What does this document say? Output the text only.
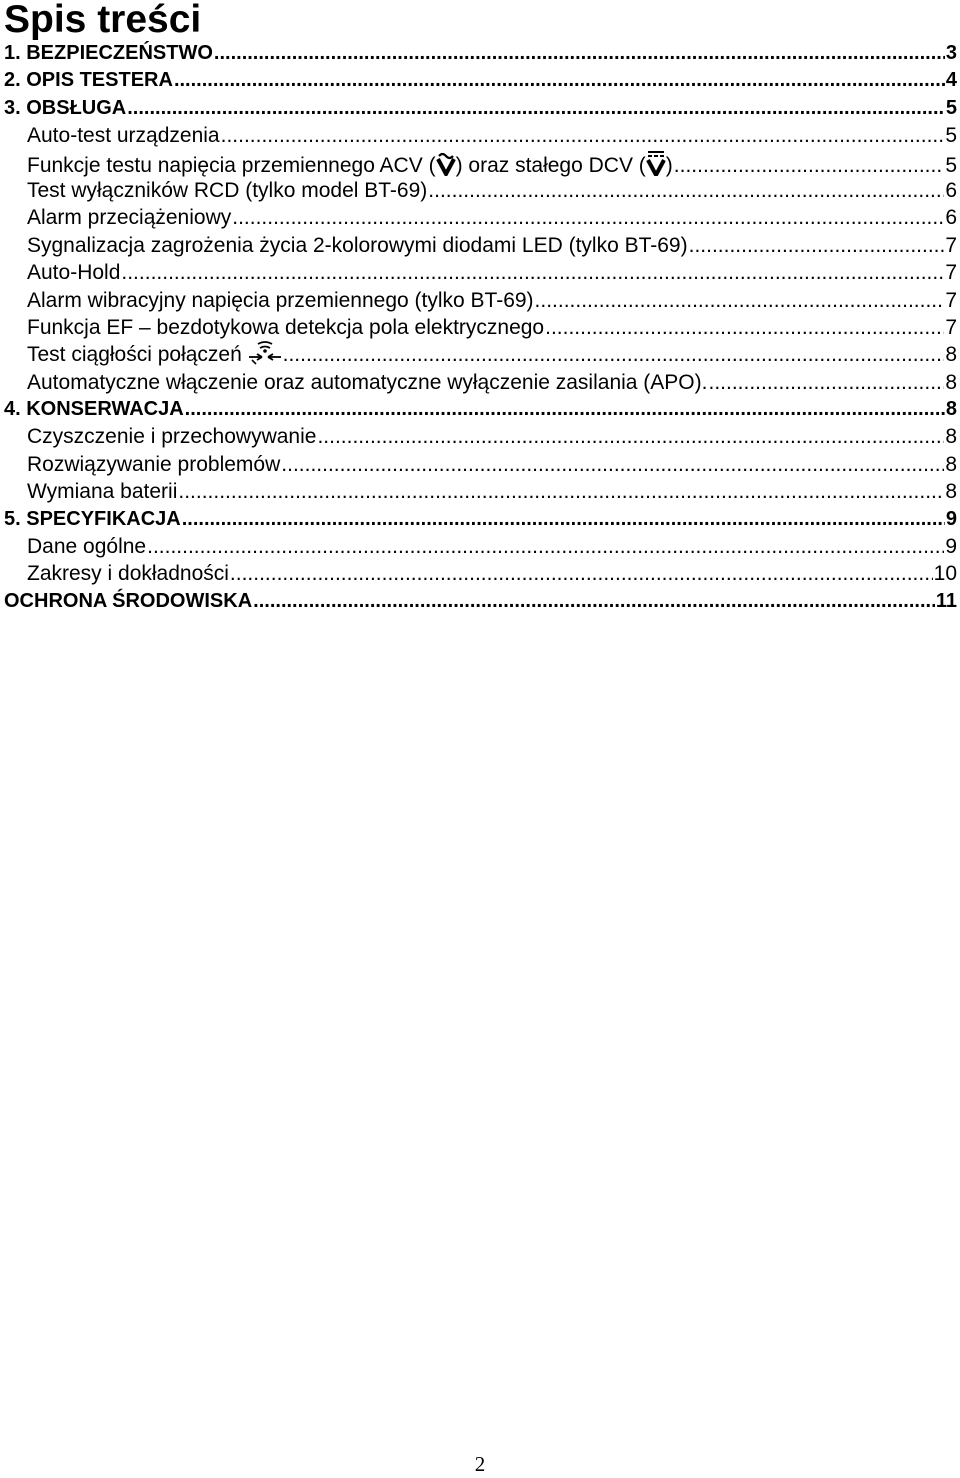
Spis treści
1. BEZPIECZEŃSTWO .....	3
2. OPIS TESTERA .....	4
3. OBSŁUGA .....	5
Auto-test urządzenia .....	5
Funkcje testu napięcia przemiennego ACV ( ) oraz stałego DCV ( ) .....	5
Test wyłączników RCD (tylko model BT-69) .....	6
Alarm przeciążeniowy .....	6
Sygnalizacja zagrożenia życia 2-kolorowymi diodami LED (tylko BT-69) .....	7
Auto-Hold .....	7
Alarm wibracyjny napięcia przemiennego (tylko BT-69) .....	7
Funkcja EF – bezdotykowa detekcja pola elektrycznego .....	7
Test ciągłości połączeń .....	8
Automatyczne włączenie oraz automatyczne wyłączenie zasilania (APO). .....	8
4. KONSERWACJA .....	8
Czyszczenie i przechowywanie .....	8
Rozwiązywanie problemów .....	8
Wymiana baterii .....	8
5. SPECYFIKACJA .....	9
Dane ogólne .....	9
Zakresy i dokładności .....	10
OCHRONA ŚRODOWISKA .....	11
2
